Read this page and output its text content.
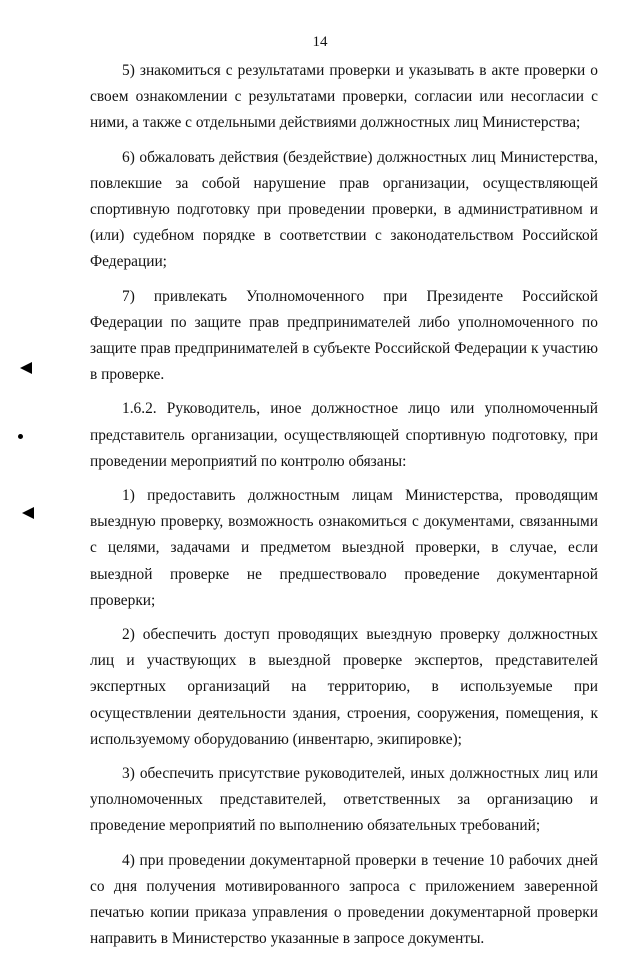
14

5) знакомиться с результатами проверки и указывать в акте проверки о своем ознакомлении с результатами проверки, согласии или несогласии с ними, а также с отдельными действиями должностных лиц Министерства;

6) обжаловать действия (бездействие) должностных лиц Министерства, повлекшие за собой нарушение прав организации, осуществляющей спортивную подготовку при проведении проверки, в административном и (или) судебном порядке в соответствии с законодательством Российской Федерации;

7) привлекать Уполномоченного при Президенте Российской Федерации по защите прав предпринимателей либо уполномоченного по защите прав предпринимателей в субъекте Российской Федерации к участию в проверке.

1.6.2. Руководитель, иное должностное лицо или уполномоченный представитель организации, осуществляющей спортивную подготовку, при проведении мероприятий по контролю обязаны:

1) предоставить должностным лицам Министерства, проводящим выездную проверку, возможность ознакомиться с документами, связанными с целями, задачами и предметом выездной проверки, в случае, если выездной проверке не предшествовало проведение документарной проверки;

2) обеспечить доступ проводящих выездную проверку должностных лиц и участвующих в выездной проверке экспертов, представителей экспертных организаций на территорию, в используемые при осуществлении деятельности здания, строения, сооружения, помещения, к используемому оборудованию (инвентарю, экипировке);

3) обеспечить присутствие руководителей, иных должностных лиц или уполномоченных представителей, ответственных за организацию и проведение мероприятий по выполнению обязательных требований;

4) при проведении документарной проверки в течение 10 рабочих дней со дня получения мотивированного запроса с приложением заверенной печатью копии приказа управления о проведении документарной проверки направить в Министерство указанные в запросе документы.
